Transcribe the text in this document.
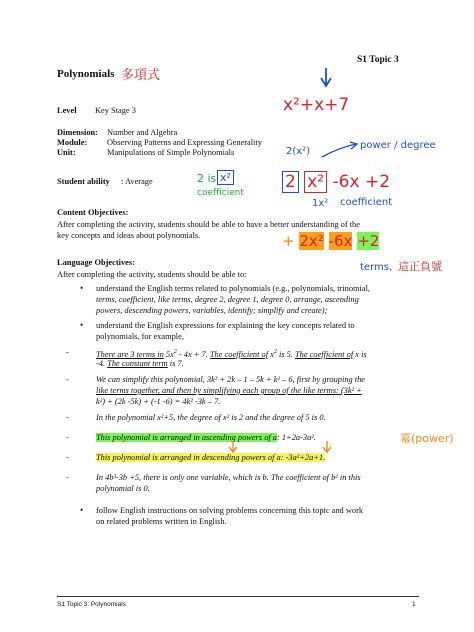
S1 Topic 3
Polynomials 多項式
x²+x+7
Level Key Stage 3
Dimension: Number and Algebra
Module: Observing Patterns and Expressing Generality
Unit:	Manipulations of Simple Polynomials	2(x²)
power / degree
Student ability : Average	2 is x²
coefficient
2 x² -6x +2
1x² coefficient
Content Objectives:
After completing the activity, students should be able to have a better understanding of the
key concepts and ideas about polynomials.	+ 2x² -6x +2
terms, 這正負號
Language Objectives:
After completing the activity, students should be able to:
• understand the English terms related to polynomials (e.g., polynomials, trinomial,
terms, coefficient, like terms, degree 2, degree 1, degree 0, arrange, ascending
powers, descending powers, variables, identify; simplify and create);
• understand the English expressions for explaining the key concepts related to
polynomials, for example,
-	There are 3 terms in $5x^2 - 4x + 7$. The coefficient of $x^2$ is 5. The coefficient of x is
-4. The constant term is 7.
-	We can simplify this polynomial, 3k² + 2k – 1 – 5k + k² – 6, first by grouping the
like terms together, and then by simplifying each group of the like terms: (3k² +
k²) + (2k -5k) + (-1 -6) = 4k² -3k – 7.
-	In the polynomial x²+5, the degree of x² is 2 and the degree of 5 is 0.
-	This polynomial is arranged in ascending powers of a: 1+2a-3a².	冪(power)
-	This polynomial is arranged in descending powers of a: -3a²+2a+1.
-	In 4b³-3b +5, there is only one variable, which is b. The coefficient of b² in this
polynomial is 0.
• follow English instructions on solving problems concerning this topic and work
on related problems written in English.
S1 Topic 3: Polynomials	1
